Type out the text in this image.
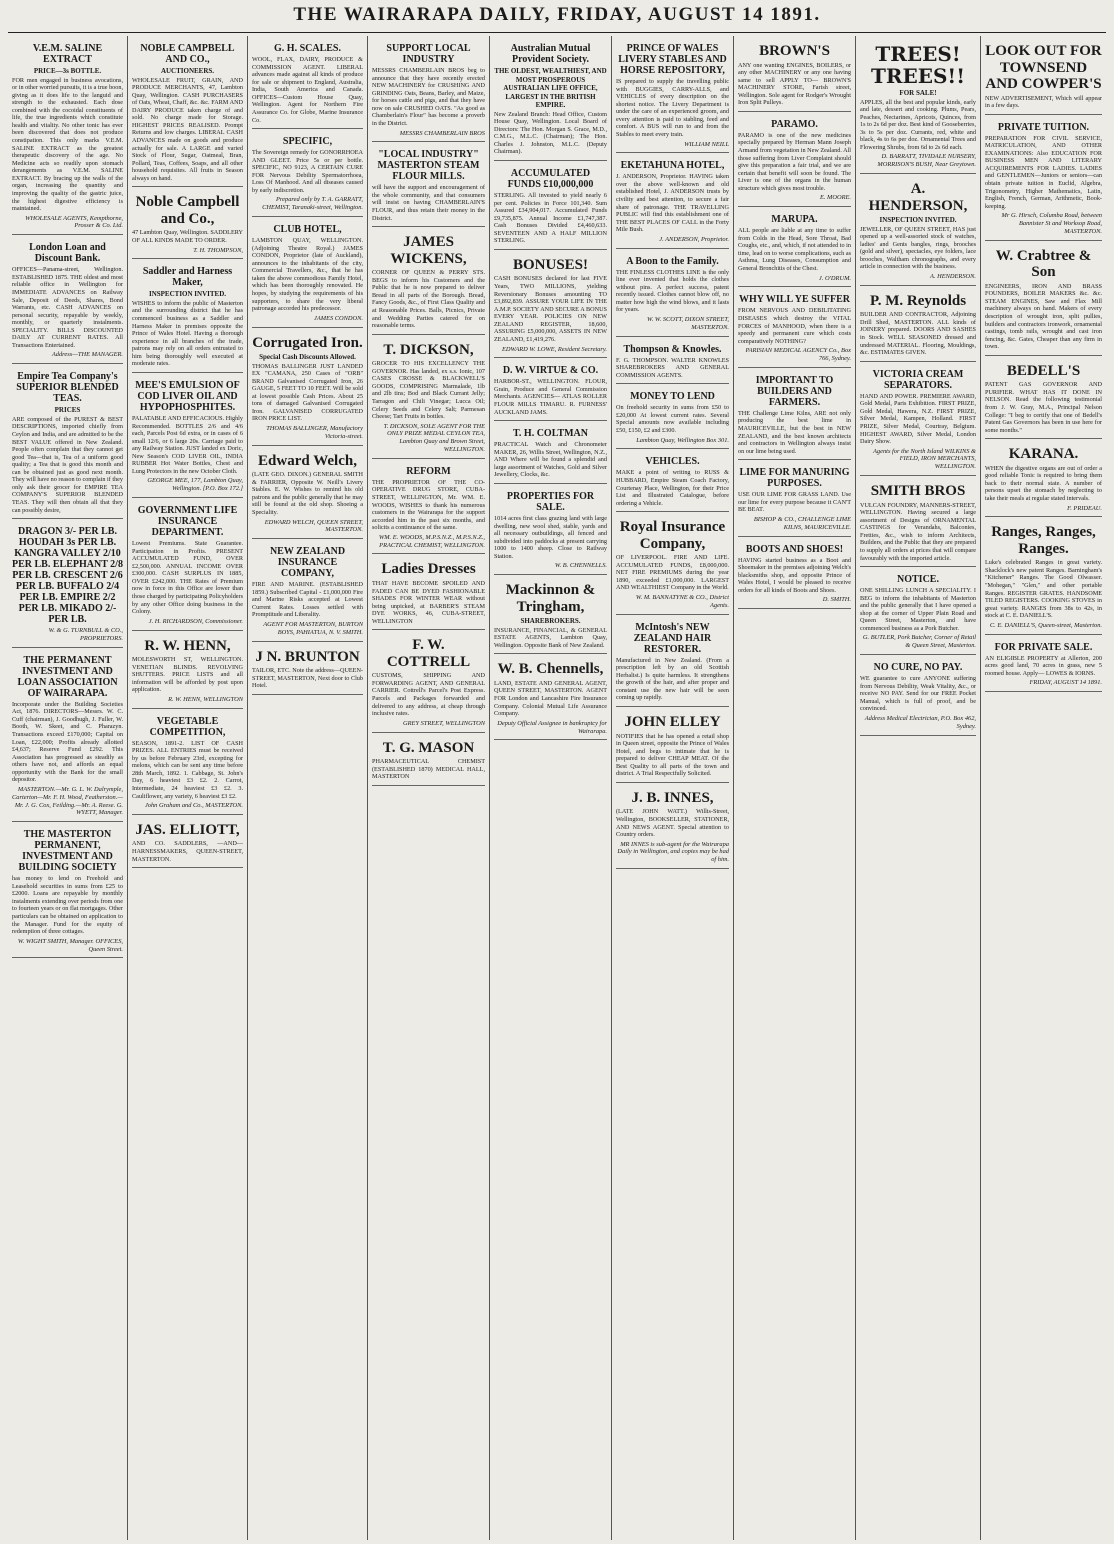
THE WAIRARAPA DAILY, FRIDAY, AUGUST 14 1891.
V.E.M. SALINE EXTRACT
PRICE—3s BOTTLE.
FOR men engaged in business avocations, or in other worried pursuits, it is a true boon, giving as it does life to the languid and strength to the exhausted. Each dose combined with the cocoidal constituents of life, the true ingredients which constitute health and vitality. No other tonic has ever been discovered that does not produce constipation. This only marks V.E.M. SALINE EXTRACT as the greatest therapeutic discovery of the age. No Medicine acts so readily upon stomach derangements as V.E.M. SALINE EXTRACT. By bracing up the walls of the organ, increasing the quantity and improving the quality of the gastric juice, the highest digestive efficiency is maintained.
WHOLESALE AGENTS, Kempthorne, Prosser & Co. Ltd.
London Loan and Discount Bank.
OFFICES—Panama-street, Wellington. ESTABLISHED 1875. THE oldest and most reliable office in Wellington for IMMEDIATE ADVANCES on Railway Sale, Deposit of Deeds, Shares, Bond Warrants, etc. CASH ADVANCES on personal security, repayable by weekly, monthly, or quarterly instalments. SPECIALITY. BILLS DISCOUNTED DAILY AT CURRENT RATES. All Transactions Entertained.
Address—THE MANAGER.
Empire Tea Company's SUPERIOR BLENDED TEAS.
PRICES
ARE composed of the PUREST & BEST DESCRIPTIONS, imported chiefly from Ceylon and India, and are admitted to be the BEST VALUE offered in New Zealand. People often complain that they cannot get good Tea—that is, Tea of a uniform good quality; a Tea that is good this month and can be obtained just as good next month. They will have no reason to complain if they only ask their grocer for EMPIRE TEA COMPANY'S SUPERIOR BLENDED TEAS. They will then obtain all that they can possibly desire,
DRAGON 3/- PER LB. HOUDAH 3s PER LB. KANGRA VALLEY 2/10 PER LB. ELEPHANT 2/8 PER LB. CRESCENT 2/6 PER LB. BUFFALO 2/4 PER LB. EMPIRE 2/2 PER LB. MIKADO 2/- PER LB.
W. & G. TURNBULL & CO., PROPRIETORS.
THE PERMANENT INVESTMENT AND LOAN ASSOCIATION OF WAIRARAPA.
Incorporate under the Building Societies Act, 1876. DIRECTORS—Messrs. W. C. Cuff (chairman), J. Goodhugh, J. Fuller, W. Booth, W. Skeet, and C. Pharazyn. Transactions exceed £170,000; Capital on Loan, £22,000; Profits already allotted £4,637; Reserve Fund £292. This Association has progressed as steadily as others have not, and affords an equal opportunity with the Bank for the small depositor.
MASTERTON.—Mr. G. L. W. Dalrymple, Carterton—Mr. F. H. Wood, Featherston.—Mr. J. G. Cox, Feilding.—Mr. A. Reese. G. WYETT, Manager.
THE MASTERTON PERMANENT, INVESTMENT AND BUILDING SOCIETY
has money to lend on Freehold and Leasehold securities in sums from £25 to £2000. Loans are repayable by monthly instalments extending over periods from one to fourteen years or on flat mortgages. Other particulars can be obtained on application to the Manager. Fund for the equity of redemption of three cottages.
W. WIGHT SMITH, Manager. OFFICES, Queen Street.
NOBLE CAMPBELL AND CO.,
AUCTIONEERS.
WHOLESALE FRUIT, GRAIN, AND PRODUCE MERCHANTS, 47, Lambton Quay, Wellington. CASH PURCHASERS of Oats, Wheat, Chaff, &c. &c. FARM AND DAIRY PRODUCE taken charge of and sold. No charge made for Storage. HIGHEST PRICES REALISED. Prompt Returns and low charges. LIBERAL CASH ADVANCES made on goods and produce actually for sale. A LARGE and varied Stock of Flour, Sugar, Oatmeal, Bran, Pollard, Teas, Coffees, Soaps, and all other household requisites. All fruits in Season always on hand.
Noble Campbell and Co.,
47 Lambton Quay, Wellington. SADDLERY OF ALL KINDS MADE TO ORDER.
T. H. THOMPSON,
Saddler and Harness Maker,
INSPECTION INVITED.
WISHES to inform the public of Masterton and the surrounding district that he has commenced business as a Saddler and Harness Maker in premises opposite the Prince of Wales Hotel. Having a thorough experience in all branches of the trade, patrons may rely on all orders entrusted to him being thoroughly well executed at moderate rates.
MEE'S EMULSION OF COD LIVER OIL AND HYPOPHOSPHITES.
PALATABLE AND EFFICACIOUS. Highly Recommended. BOTTLES 2/6 and 4/6 each, Parcels Post 6d extra, or in cases of 6 small 12/6, or 6 large 20s. Carriage paid to any Railway Station. JUST landed ex Doric, New Season's COD LIVER OIL, INDIA RUBBER Hot Water Bottles, Chest and Lung Protectors in the new October Cloth.
GEORGE MEE, 177, Lambton Quay, Wellington. [P.O. Box 172.]
GOVERNMENT LIFE INSURANCE DEPARTMENT.
Lowest Premiums. State Guarantee. Participation in Profits. PRESENT ACCUMULATED FUND, OVER £2,500,000. ANNUAL INCOME OVER £300,000. CASH SURPLUS IN 1885, OVER £242,000. THE Rates of Premium now in force in this Office are lower than those charged by participating Policyholders by any other Office doing business in the Colony.
J. H. RICHARDSON, Commissioner.
R. W. HENN,
MOLESWORTH ST, WELLINGTON. VENETIAN BLINDS. REVOLVING SHUTTERS. PRICE LISTS and all information will be afforded by post upon application.
R. W. HENN, WELLINGTON
VEGETABLE COMPETITION,
SEASON, 1891-2. LIST OF CASH PRIZES. ALL ENTRIES must be received by us before February 23rd, excepting for melons, which can be sent any time before 28th March, 1892. 1. Cabbage, St. John's Day, 6 heaviest £3 £2. 2. Carrot, Intermediate, 24 heaviest £3 £2. 3. Cauliflower, any variety, 6 heaviest £3 £2.
John Graham and Co., MASTERTON.
JAS. ELLIOTT,
AND CO. SADDLERS, —AND— HARNESSMAKERS, QUEEN-STREET, MASTERTON.
G. H. SCALES.
WOOL, FLAX, DAIRY, PRODUCE & COMMISSION AGENT. LIBERAL advances made against all kinds of produce for sale or shipment to England, Australia, India, South America and Canada. OFFICES—Custom House Quay, Wellington. Agent for Northern Fire Assurance Co. for Globe, Marine Insurance Co.
SPECIFIC,
The Sovereign remedy for GONORRHOEA AND GLEET. Price 5s or per bottle. SPECIFIC, NO 9123, A CERTAIN CURE FOR Nervous Debility Spermatorrhoea, Loss Of Manhood. And all diseases caused by early indiscretion.
Prepared only by T. A. GARRATT, CHEMIST, Taranaki-street, Wellington.
CLUB HOTEL,
LAMBTON QUAY, WELLINGTON. (Adjoining Theatre Royal.) JAMES CONDON, Proprietor (late of Auckland), announces to the inhabitants of the city, Commercial Travellers, &c., that he has taken the above commodious Family Hotel, which has been thoroughly renovated. He hopes, by studying the requirements of his supporters, to share the very liberal patronage accorded his predecessor.
JAMES CONDON.
Corrugated Iron.
Special Cash Discounts Allowed.
THOMAS BALLINGER JUST LANDED EX "CAMANA, 250 Cases of "ORB" BRAND Galvanised Corrugated Iron, 26 GAUGE, 5 FEET TO 10 FEET. Will be sold at lowest possible Cash Prices. About 25 tons of damaged Galvanised Corrugated Iron. GALVANISED CORRUGATED IRON PRICE LIST.
THOMAS BALLINGER, Manufactory Victoria-street.
Edward Welch,
(LATE GEO. DIXON.) GENERAL SMITH & FARRIER, Opposite W. Neill's Livery Stables. E. W. Wishes to remind his old patrons and the public generally that he may still be found at the old shop. Shoeing a Speciality.
EDWARD WELCH, QUEEN STREET, MASTERTON.
NEW ZEALAND INSURANCE COMPANY,
FIRE AND MARINE. (ESTABLISHED 1859.) Subscribed Capital - £1,000,000 Fire and Marine Risks accepted at Lowest Current Rates. Losses settled with Promptitude and Liberality.
AGENT FOR MASTERTON, BURTON BOYS, PAHIATUA, N. V. SMITH.
J N. BRUNTON
TAILOR, ETC. Note the address—QUEEN-STREET, MASTERTON, Next door to Club Hotel.
SUPPORT LOCAL INDUSTRY
MESSRS CHAMBERLAIN BROS beg to announce that they have recently erected NEW MACHINERY for CRUSHING AND GRINDING Oats, Beans, Barley, and Maize, for horses cattle and pigs, and that they have now on sale CRUSHED OATS. "As good as Chamberlain's Flour" has become a proverb in the District.
MESSRS CHAMBERLAIN BROS
"LOCAL INDUSTRY" MASTERTON STEAM FLOUR MILLS.
will have the support and encouragement of the whole community, and that consumers will insist on having CHAMBERLAIN'S FLOUR, and thus retain their money in the District.
JAMES WICKENS,
CORNER OF QUEEN & PERRY STS. BEGS to inform his Customers and the Public that he is now prepared to deliver Bread in all parts of the Borough. Bread, Fancy Goods, &c., of First Class Quality and at Reasonable Prices. Balls, Picnics, Private and Wedding Parties catered for on reasonable terms.
T. DICKSON,
GROCER TO HIS EXCELLENCY THE GOVERNOR. Has landed, ex s.s. Ionic, 107 CASES CROSSE & BLACKWELL'S GOODS, COMPRISING Marmalade, 1lb and 2lb tins; Bod and Black Currant Jelly; Tarragon and Chili Vinegar; Lucca Oil; Celery Seeds and Celery Salt; Parmesan Cheese; Tart Fruits in bottles.
T. DICKSON, SOLE AGENT FOR THE ONLY PRIZE MEDAL CEYLON TEA, Lambton Quay and Brown Street, WELLINGTON.
REFORM
THE PROPRIETOR OF THE CO-OPERATIVE DRUG STORE, CUBA-STREET, WELLINGTON, Mr. WM. E. WOODS, WISHES to thank his numerous customers in the Wairarapa for the support accorded him in the past six months, and solicits a continuance of the same.
WM. E. WOODS, M.P.S.N.Z., M.P.S.N.Z., PRACTICAL CHEMIST, WELLINGTON.
Ladies Dresses
THAT HAVE BECOME SPOILED AND FADED CAN BE DYED FASHIONABLE SHADES FOR WINTER WEAR without being unpicked, at BARBER'S STEAM DYE WORKS, 46, CUBA-STREET, WELLINGTON
F. W. COTTRELL
CUSTOMS, SHIPPING AND FORWARDING AGENT, AND GENERAL CARRIER. Cottrell's Parcel's Post Express. Parcels and Packages forwarded and delivered to any address, at cheap through inclusive rates.
GREY STREET, WELLINGTON
T. G. MASON
PHARMACEUTICAL CHEMIST (ESTABLISHED 1870) MEDICAL HALL, MASTERTON
Australian Mutual Provident Society.
THE OLDEST, WEALTHIEST, AND MOST PROSPEROUS AUSTRALIAN LIFE OFFICE, LARGEST IN THE BRITISH EMPIRE.
New Zealand Branch: Head Office, Custom House Quay, Wellington. Local Board of Directors: The Hon. Morgan S. Grace, M.D., C.M.G., M.L.C. (Chairman); The Hon. Charles J. Johnston, M.L.C. (Deputy Chairman).
ACCUMULATED FUNDS £10,000,000
STERLING. All invested to yield nearly 6 per cent. Policies in Force 101,340. Sum Assured £34,904,017. Accumulated Funds £9,735,875. Annual Income £1,747,387. Cash Bonuses Divided £4,460,633. SEVENTEEN AND A HALF MILLION STERLING.
BONUSES!
CASH BONUSES declared for last FIVE Years, TWO MILLIONS, yielding Reversionary Bonuses amounting TO £3,892,839. ASSURE YOUR LIFE IN THE A.M.P. SOCIETY AND SECURE A BONUS EVERY YEAR. POLICIES ON NEW ZEALAND REGISTER, 18,600, ASSURING £5,000,000, ASSETS IN NEW ZEALAND, £1,419,276.
EDWARD W. LOWE, Resident Secretary.
D. W. VIRTUE & CO.
HARBOR-ST., WELLINGTON. FLOUR, Grain, Produce and General Commission Merchants. AGENCIES— ATLAS ROLLER FLOUR MILLS TIMARU. R. FURNESS' AUCKLAND JAMS.
T. H. COLTMAN
PRACTICAL Watch and Chronometer MAKER, 26, Willis Street, Wellington, N.Z., AND Where will be found a splendid and large assortment of Watches, Gold and Silver Jewellery, Clocks, &c.
PROPERTIES FOR SALE.
1014 acres first class grazing land with large dwelling, new wool shed, stable, yards and all necessary outbuildings, all fenced and subdivided into paddocks at present carrying 1000 to 1400 sheep. Close to Railway Station.
W. B. CHENNELLS.
Mackinnon & Tringham,
SHAREBROKERS.
INSURANCE, FINANCIAL, & GENERAL ESTATE AGENTS, Lambton Quay, Wellington. Opposite Bank of New Zealand.
W. B. Chennells,
LAND, ESTATE AND GENERAL AGENT, QUEEN STREET, MASTERTON. AGENT FOR London and Lancashire Fire Insurance Company. Colonial Mutual Life Assurance Company.
Deputy Official Assignee in bankruptcy for Wairarapa.
PRINCE OF WALES LIVERY STABLES AND HORSE REPOSITORY,
IS prepared to supply the travelling public with BUGGIES, CARRY-ALLS, and VEHICLES of every description on the shortest notice. The Livery Department is under the care of an experienced groom, and every attention is paid to stabling, feed and comfort. A BUS will run to and from the Stables to meet every train.
WILLIAM NEILL
EKETAHUNA HOTEL,
J. ANDERSON, Proprietor. HAVING taken over the above well-known and old established Hotel, J. ANDERSON trusts by civility and best attention, to secure a fair share of patronage. THE TRAVELLING PUBLIC will find this establishment one of THE BEST PLACES OF CALL in the Forty Mile Bush.
J. ANDERSON, Proprietor.
A Boon to the Family.
THE FINLESS CLOTHES LINE is the only line ever invented that holds the clothes without pins. A perfect success, patent recently issued. Clothes cannot blow off, no matter how high the wind blows, and it lasts for years.
W. W. SCOTT, DIXON STREET, MASTERTON.
Thompson & Knowles.
F. G. THOMPSON. WALTER KNOWLES SHAREBROKERS AND GENERAL COMMISSION AGENTS.
MONEY TO LEND
On freehold security in sums from £50 to £20,000 At lowest current rates. Several Special amounts now available including £50, £150, £2 and £300.
Lambton Quay, Wellington Box 301.
VEHICLES.
MAKE a point of writing to RUSS & HUBBARD, Empire Steam Coach Factory, Courtenay Place, Wellington, for their Price List and Illustrated Catalogue, before ordering a Vehicle.
Royal Insurance Company,
OF LIVERPOOL. FIRE AND LIFE. ACCUMULATED FUNDS, £8,000,000. NET FIRE PREMIUMS during the year 1890, exceeded £1,000,000. LARGEST AND WEALTHIEST Company in the World.
W. M. BANNATYNE & CO., District Agents.
McIntosh's NEW ZEALAND HAIR RESTORER.
Manufactured in New Zealand. (From a prescription left by an old Scottish Herbalist.) Is quite harmless. It strengthens the growth of the hair, and after proper and constant use the new hair will be seen coming up rapidly.
JOHN ELLEY
NOTIFIES that he has opened a retail shop in Queen street, opposite the Prince of Wales Hotel, and begs to intimate that he is prepared to deliver CHEAP MEAT. Of the Best Quality to all parts of the town and district. A Trial Respectfully Solicited.
J. B. INNES,
(LATE JOHN WATT.) Willis-Street, Wellington, BOOKSELLER, STATIONER, AND NEWS AGENT. Special attention to Country orders.
MR INNES is sub-agent for the Wairarapa Daily in Wellington, and copies may be had of him.
BROWN'S
ANY one wanting ENGINES, BOILERS, or any other MACHINERY or any one having same to sell APPLY TO— BROWN'S MACHINERY STORE, Farish street, Wellington. Sole agent for Rodger's Wrought Iron Split Pulleys.
PARAMO.
PARAMO is one of the new medicines specially prepared by Herman Mann Joseph Armand from vegetation in New Zealand. All those suffering from Liver Complaint should give this preparation a fair trial, and we are certain that benefit will soon be found. The Liver is one of the organs in the human structure which gives most trouble.
E. MOORE.
MARUPA.
ALL people are liable at any time to suffer from Colds in the Head, Sore Throat, Bad Coughs, etc., and, which, if not attended to in time, lead on to worse complications, such as Asthma, Lung Diseases, Consumption and General Bronchitis of the Chest.
J. O'DRUM.
WHY WILL YE SUFFER
FROM NERVOUS AND DEBILITATING DISEASES which destroy the VITAL FORCES of MANHOOD, when there is a speedy and permanent cure which costs comparatively NOTHING?
PARISIAN MEDICAL AGENCY Co., Box 766, Sydney.
IMPORTANT TO BUILDERS AND FARMERS.
THE Challenge Lime Kilns, ARE not only producing the best lime in MAURICEVILLE, but the best in NEW ZEALAND, and the best known architects and contractors in Wellington always insist on our lime being used.
LIME FOR MANURING PURPOSES.
USE OUR LIME FOR GRASS LAND. Use our lime for every purpose because it CAN'T BE BEAT.
BISHOP & CO., CHALLENGE LIME KILNS, MAURICEVILLE.
BOOTS AND SHOES!
HAVING started business as a Boot and Shoemaker in the premises adjoining Welch's blacksmiths shop, and opposite Prince of Wales Hotel, I would be pleased to receive orders for all kinds of Boots and Shoes.
D. SMITH.
TREES! TREES!!
FOR SALE!
APPLES, all the best and popular kinds, early and late, dessert and cooking. Plums, Pears, Peaches, Nectarines, Apricots, Quinces, from 1s to 2s 6d per doz. Best kind of Gooseberries, 3s to 5s per doz. Currants, red, white and black, 4s to 6s per doz. Ornamental Trees and Flowering Shrubs, from 6d to 2s 6d each.
D. BARRATT, TIVIDALE NURSERY, MORRISON'S BUSH, Near Greytown.
A. HENDERSON,
INSPECTION INVITED.
JEWELLER, OF QUEEN STREET, HAS just opened up a well-assorted stock of watches, ladies' and Gents bangles, rings, brooches (gold and silver), spectacles, eye folders, lace brooches, Waltham chronographs, and every article in connection with the business.
A. HENDERSON.
P. M. Reynolds
BUILDER AND CONTRACTOR, Adjoining Drill Shed, MASTERTON. ALL kinds of JOINERY prepared. DOORS AND SASHES in Stock. WELL SEASONED dressed and undressed MATERIAL. Flooring, Mouldings, &c. ESTIMATES GIVEN.
VICTORIA CREAM SEPARATORS.
HAND AND POWER. PREMIERE AWARD, Gold Medal, Paris Exhibition. FIRST PRIZE, Gold Medal, Hawera, N.Z. FIRST PRIZE, Silver Medal, Kampen, Holland. FIRST PRIZE, Silver Medal, Courtray, Belgium. HIGHEST AWARD, Silver Medal, London Dairy Show.
Agents for the North Island WILKINS & FIELD, IRON MERCHANTS, WELLINGTON.
SMITH BROS
VULCAN FOUNDRY, MANNERS-STREET, WELLINGTON. Having secured a large assortment of Designs of ORNAMENTAL CASTINGS for Verandahs, Balconies, Fretties, &c., wish to inform Architects, Builders, and the Public that they are prepared to supply all orders at prices that will compare favourably with the imported article.
NOTICE.
ONE SHILLING LUNCH A SPECIALITY. I BEG to inform the inhabitants of Masterton and the public generally that I have opened a shop at the corner of Upper Plain Road and Queen Street, Masterton, and have commenced business as a Pork Butcher.
G. BUTLER, Pork Butcher, Corner of Retail & Queen Street, Masterton.
NO CURE, NO PAY.
WE guarantee to cure ANYONE suffering from Nervous Debility, Weak Vitality, &c., or receive NO PAY. Send for our FREE Pocket Manual, which is full of proof, and be convinced.
Address Medical Electrician, P.O. Box 462, Sydney.
LOOK OUT FOR TOWNSEND AND COWPER'S
NEW ADVERTISEMENT, Which will appear in a few days.
PRIVATE TUITION.
PREPARATION FOR CIVIL SERVICE, MATRICULATION, AND OTHER EXAMINATIONS: Also EDUCATION FOR BUSINESS MEN AND LITERARY ACQUIREMENTS FOR LADIES. LADIES and GENTLEMEN—Juniors or seniors—can obtain private tuition in Euclid, Algebra, Trigonometry, Higher Mathematics, Latin, English, French, German, Arithmetic, Book-keeping.
Mr G. Hirsch, Columba Road, between Bannister St and Worksop Road, MASTERTON.
W. Crabtree & Son
ENGINEERS, IRON AND BRASS FOUNDERS, BOILER MAKERS &c. &c. STEAM ENGINES, Saw and Flax Mill machinery always on hand. Makers of every description of wrought iron, split pullies, builders and contractors ironwork, ornamental castings, tomb rails, wrought and cast iron fencing, &c. Gates, Cheaper than any firm in town.
BEDELL'S
PATENT GAS GOVERNOR AND PURIFIER. WHAT HAS IT DONE IN NELSON. Read the following testimonial from J. W. Gray, M.A., Principal Nelson College: "I beg to certify that one of Bedell's Patent Gas Governors has been in use here for some months."
KARANA.
WHEN the digestive organs are out of order a good reliable Tonic is required to bring them back to their normal state. A number of persons upset the stomach by neglecting to take their meals at regular stated intervals.
F. PRIDEAU.
Ranges, Ranges, Ranges.
Luke's celebrated Ranges in great variety. Shacklock's new patent Ranges. Barningham's "Kitchener" Ranges. The Good Olwasser. "Mohegan," "Glen," and other portable Ranges. REGISTER GRATES. HANDSOME TILED REGISTERS. COOKING STOVES in great variety. RANGES from 38s to 42s, in stock at C. E. DANIELL'S.
C. E. DANIELL'S, Queen-street, Masterton.
FOR PRIVATE SALE.
AN ELIGIBLE PROPERTY at Allerton, 200 acres good land, 70 acres in grass, new 5 roomed house. Apply— LOWES & IORNS.
FRIDAY, AUGUST 14 1891.
